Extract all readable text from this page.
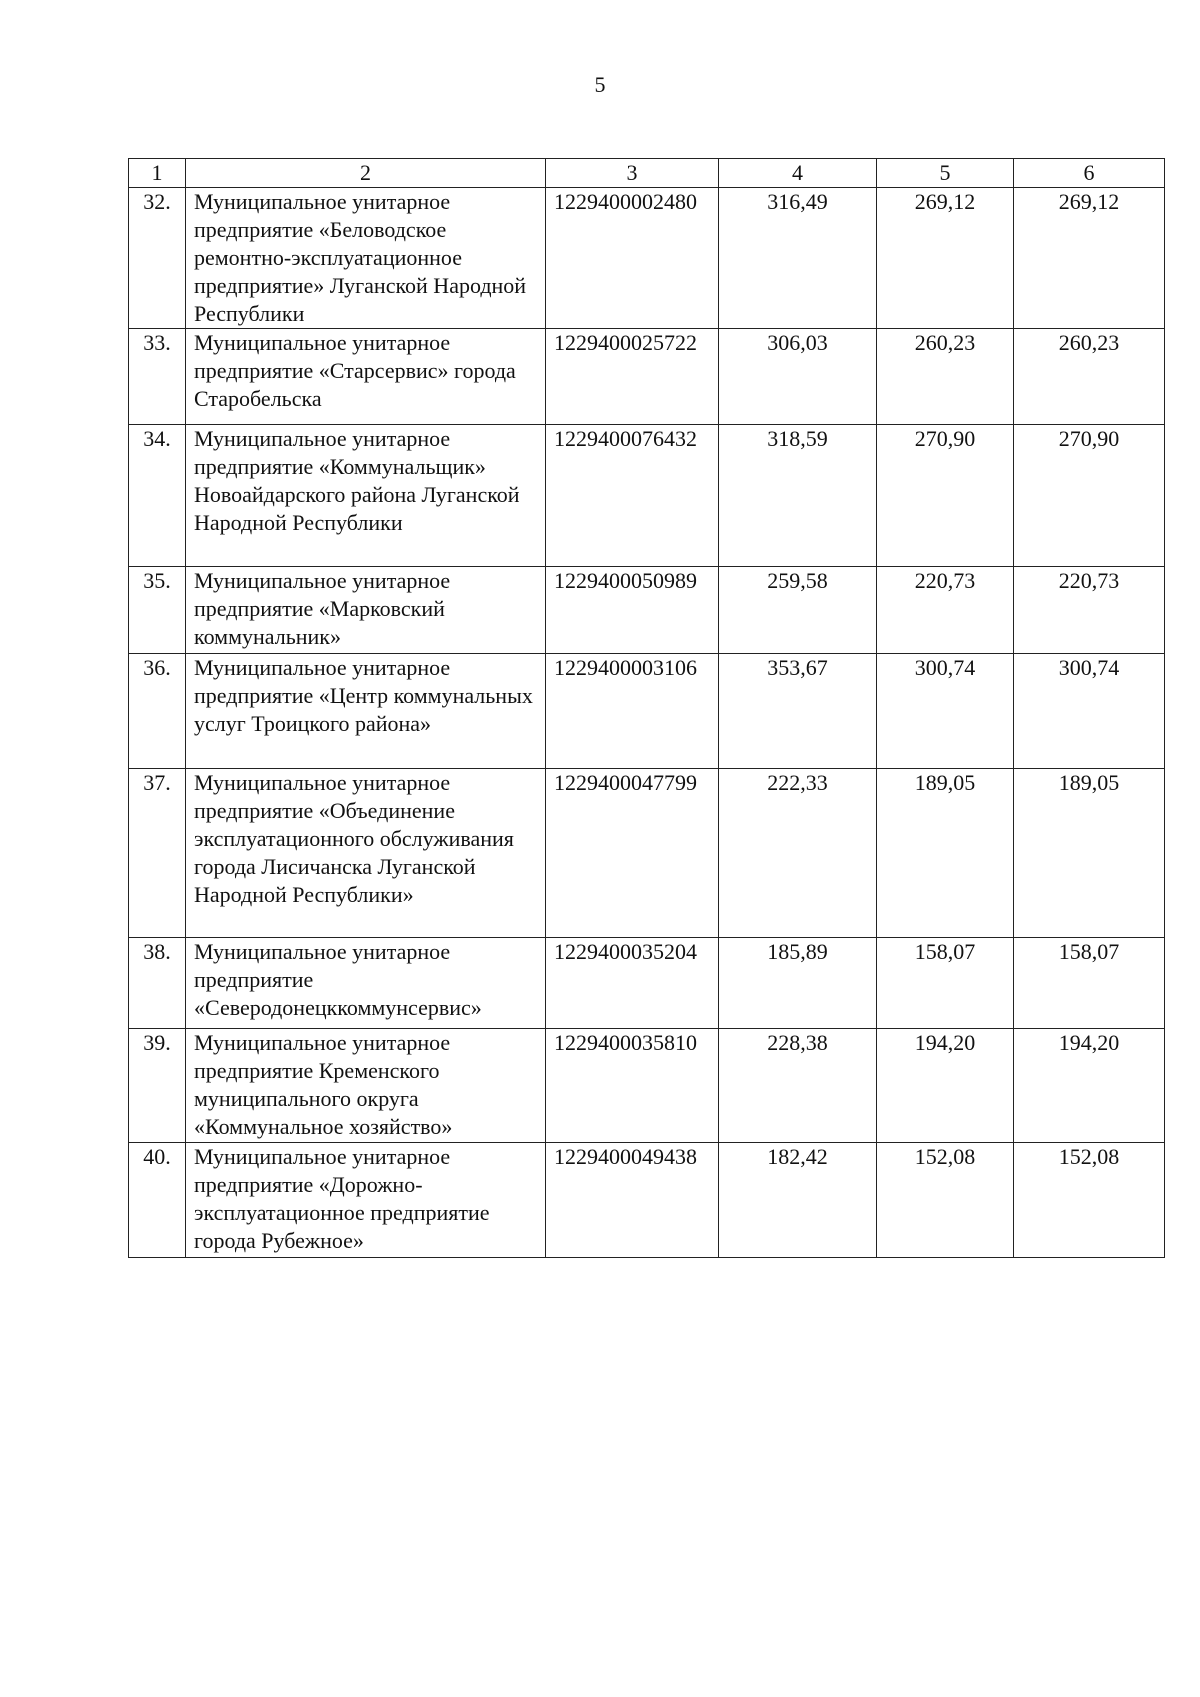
5
1	2	3	4	5	6
32.	Муниципальное унитарное предприятие «Беловодское ремонтно-эксплуатационное предприятие» Луганской Народной Республики	1229400002480	316,49	269,12	269,12
33.	Муниципальное унитарное предприятие «Старсервис» города Старобельска	1229400025722	306,03	260,23	260,23
34.	Муниципальное унитарное предприятие «Коммунальщик» Новоайдарского района Луганской Народной Республики	1229400076432	318,59	270,90	270,90
35.	Муниципальное унитарное предприятие «Марковский коммунальник»	1229400050989	259,58	220,73	220,73
36.	Муниципальное унитарное предприятие «Центр коммунальных услуг Троицкого района»	1229400003106	353,67	300,74	300,74
37.	Муниципальное унитарное предприятие «Объединение эксплуатационного обслуживания города Лисичанска Луганской Народной Республики»	1229400047799	222,33	189,05	189,05
38.	Муниципальное унитарное предприятие «Северодонецккоммунсервис»	1229400035204	185,89	158,07	158,07
39.	Муниципальное унитарное предприятие Кременского муниципального округа «Коммунальное хозяйство»	1229400035810	228,38	194,20	194,20
40.	Муниципальное унитарное предприятие «Дорожно-эксплуатационное предприятие города Рубежное»	1229400049438	182,42	152,08	152,08
